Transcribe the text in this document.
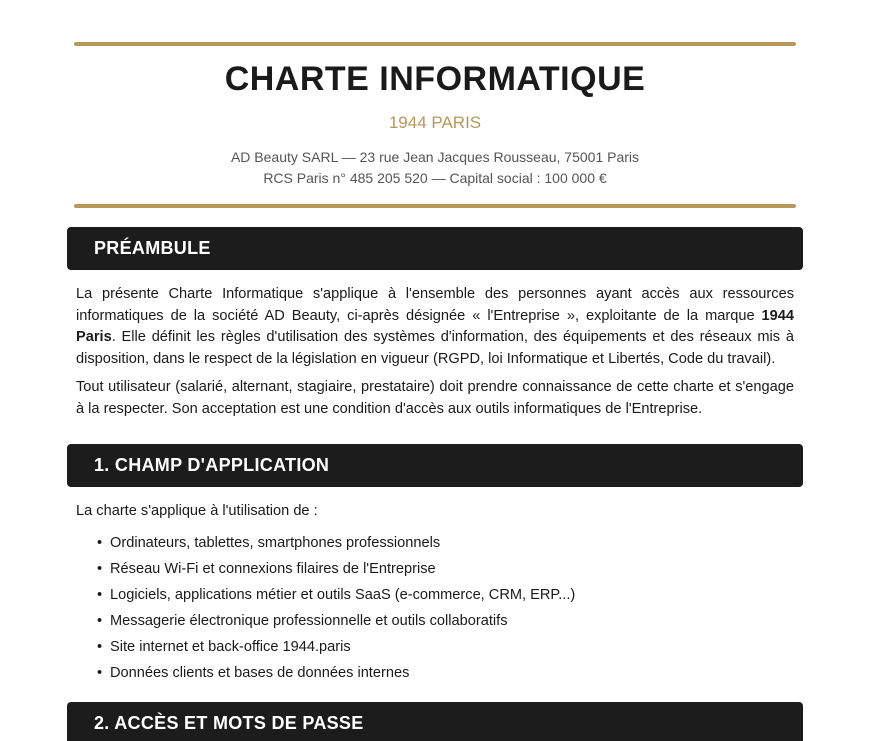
CHARTE INFORMATIQUE
1944 PARIS
AD Beauty SARL — 23 rue Jean Jacques Rousseau, 75001 Paris
RCS Paris n° 485 205 520 — Capital social : 100 000 €
PRÉAMBULE

La présente Charte Informatique s'applique à l'ensemble des personnes ayant accès aux ressources informatiques de la société AD Beauty, ci-après désignée « l'Entreprise », exploitante de la marque 1944 Paris. Elle définit les règles d'utilisation des systèmes d'information, des équipements et des réseaux mis à disposition, dans le respect de la législation en vigueur (RGPD, loi Informatique et Libertés, Code du travail).

Tout utilisateur (salarié, alternant, stagiaire, prestataire) doit prendre connaissance de cette charte et s'engage à la respecter. Son acceptation est une condition d'accès aux outils informatiques de l'Entreprise.

1. CHAMP D'APPLICATION

La charte s'applique à l'utilisation de :

• Ordinateurs, tablettes, smartphones professionnels
• Réseau Wi-Fi et connexions filaires de l'Entreprise
• Logiciels, applications métier et outils SaaS (e-commerce, CRM, ERP...)
• Messagerie électronique professionnelle et outils collaboratifs
• Site internet et back-office 1944.paris
• Données clients et bases de données internes
2. ACCÈS ET MOTS DE PASSE
